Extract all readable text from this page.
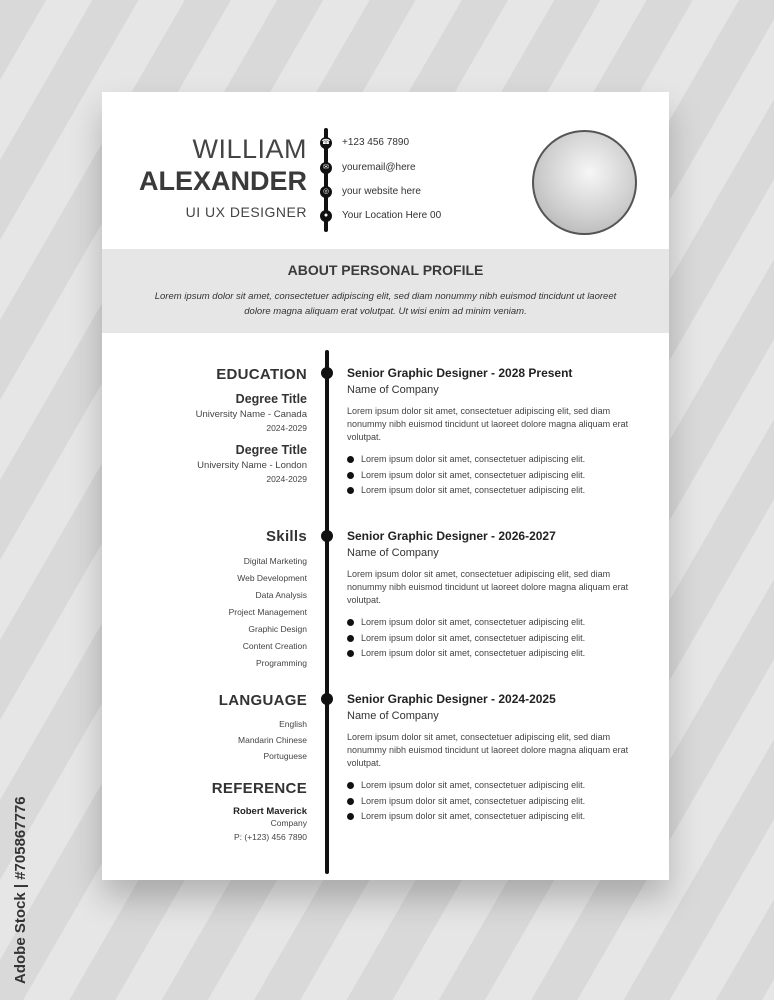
WILLIAM
ALEXANDER
UI UX DESIGNER
☎ +123 456 7890
✉	youremail@here
◎ your website here
●	Your Location Here 00
ABOUT PERSONAL PROFILE
Lorem ipsum dolor sit amet, consectetuer adipiscing elit, sed diam nonummy nibh euismod tincidunt ut laoreet dolore magna aliquam erat volutpat. Ut wisi enim ad minim veniam.
EDUCATION
Degree Title
University Name - Canada
2024-2029
Degree Title
University Name - London
2024-2029
Skills
Digital Marketing
Web Development
Data Analysis
Project Management
Graphic Design
Content Creation
Programming
LANGUAGE
English
Mandarin Chinese
Portuguese
REFERENCE
Robert Maverick
Company
P: (+123) 456 7890
Senior Graphic Designer - 2028 Present
Name of Company
Lorem ipsum dolor sit amet, consectetuer adipiscing elit, sed diam nonummy nibh euismod tincidunt ut laoreet dolore magna aliquam erat volutpat.
Lorem ipsum dolor sit amet, consectetuer adipiscing elit.
Lorem ipsum dolor sit amet, consectetuer adipiscing elit.
Lorem ipsum dolor sit amet, consectetuer adipiscing elit.
Senior Graphic Designer - 2026-2027
Name of Company
Lorem ipsum dolor sit amet, consectetuer adipiscing elit, sed diam nonummy nibh euismod tincidunt ut laoreet dolore magna aliquam erat volutpat.
Lorem ipsum dolor sit amet, consectetuer adipiscing elit.
Lorem ipsum dolor sit amet, consectetuer adipiscing elit.
Lorem ipsum dolor sit amet, consectetuer adipiscing elit.
Senior Graphic Designer - 2024-2025
Name of Company
Lorem ipsum dolor sit amet, consectetuer adipiscing elit, sed diam nonummy nibh euismod tincidunt ut laoreet dolore magna aliquam erat volutpat.
Lorem ipsum dolor sit amet, consectetuer adipiscing elit.
Lorem ipsum dolor sit amet, consectetuer adipiscing elit.
Lorem ipsum dolor sit amet, consectetuer adipiscing elit.
Adobe Stock | #705867776
